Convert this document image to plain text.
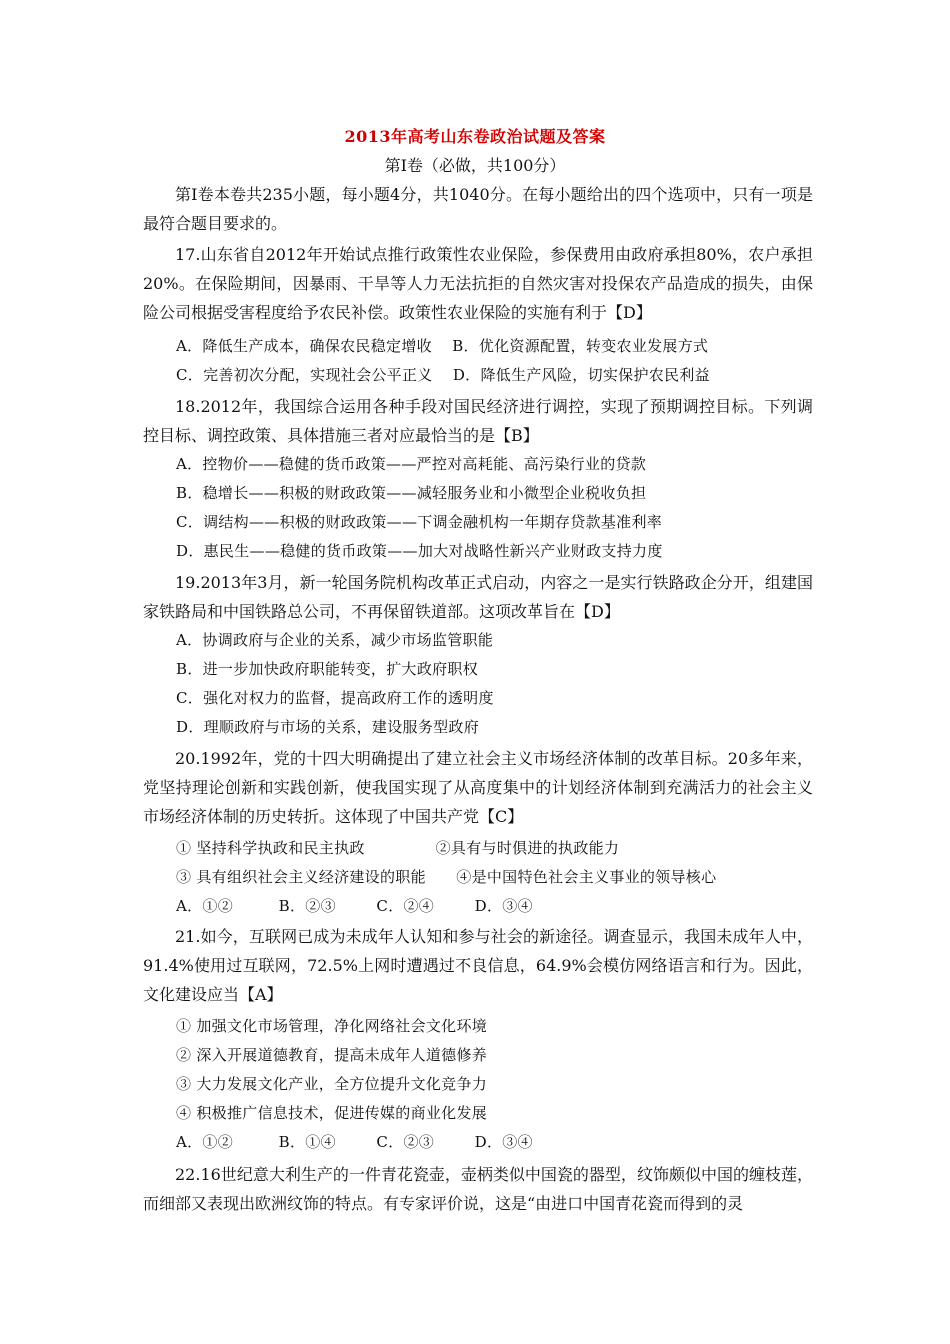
2013年高考山东卷政治试题及答案
第Ⅰ卷（必做，共100分）
第Ⅰ卷本卷共235小题，每小题4分，共1040分。在每小题给出的四个选项中，只有一项是最符合题目要求的。
17.山东省自2012年开始试点推行政策性农业保险，参保费用由政府承担80%，农户承担20%。在保险期间，因暴雨、干旱等人力无法抗拒的自然灾害对投保农产品造成的损失，由保险公司根据受害程度给予农民补偿。政策性农业保险的实施有利于【D】
A．降低生产成本，确保农民稳定增收    B．优化资源配置，转变农业发展方式
C．完善初次分配，实现社会公平正义    D．降低生产风险，切实保护农民利益
18.2012年，我国综合运用各种手段对国民经济进行调控，实现了预期调控目标。下列调控目标、调控政策、具体措施三者对应最恰当的是【B】
A．控物价——稳健的货币政策——严控对高耗能、高污染行业的贷款
B．稳增长——积极的财政政策——减轻服务业和小微型企业税收负担
C．调结构——积极的财政政策——下调金融机构一年期存贷款基准利率
D．惠民生——稳健的货币政策——加大对战略性新兴产业财政支持力度
19.2013年3月，新一轮国务院机构改革正式启动，内容之一是实行铁路政企分开，组建国家铁路局和中国铁路总公司，不再保留铁道部。这项改革旨在【D】
A．协调政府与企业的关系，减少市场监管职能
B．进一步加快政府职能转变，扩大政府职权
C．强化对权力的监督，提高政府工作的透明度
D．理顺政府与市场的关系，建设服务型政府
20.1992年，党的十四大明确提出了建立社会主义市场经济体制的改革目标。20多年来，党坚持理论创新和实践创新，使我国实现了从高度集中的计划经济体制到充满活力的社会主义市场经济体制的历史转折。这体现了中国共产党【C】
① 坚持科学执政和民主执政              ②具有与时俱进的执政能力
③ 具有组织社会主义经济建设的职能      ④是中国特色社会主义事业的领导核心
A．①②         B．②③        C．②④        D．③④
21.如今，互联网已成为未成年人认知和参与社会的新途径。调查显示，我国未成年人中，91.4%使用过互联网，72.5%上网时遭遇过不良信息，64.9%会模仿网络语言和行为。因此，文化建设应当【A】
① 加强文化市场管理，净化网络社会文化环境
② 深入开展道德教育，提高未成年人道德修养
③ 大力发展文化产业，全方位提升文化竞争力
④ 积极推广信息技术，促进传媒的商业化发展
A．①②         B．①④        C．②③        D．③④
22.16世纪意大利生产的一件青花瓷壶，壶柄类似中国瓷的器型，纹饰颇似中国的缠枝莲，而细部又表现出欧洲纹饰的特点。有专家评价说，这是“由进口中国青花瓷而得到的灵
